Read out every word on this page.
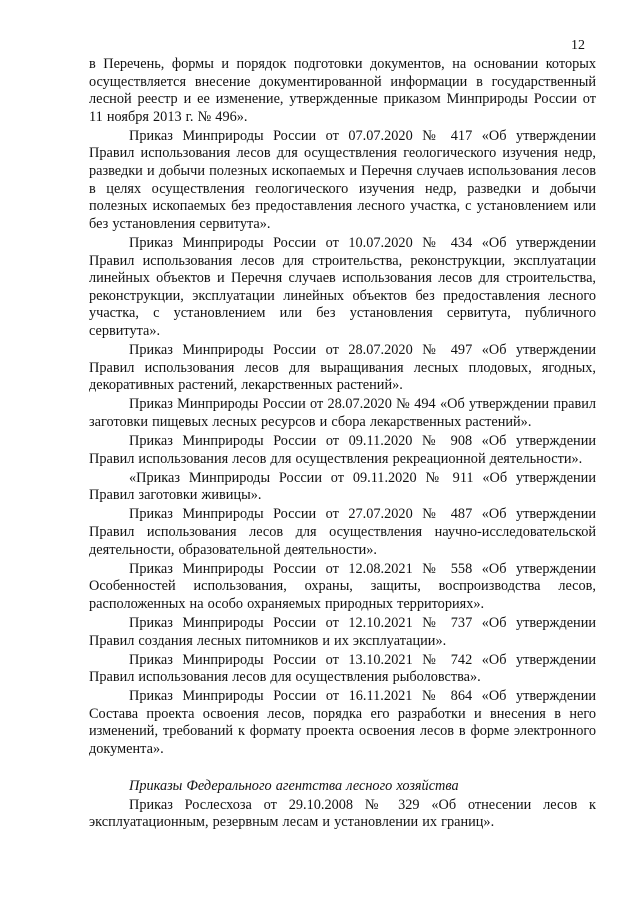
12

в Перечень, формы и порядок подготовки документов, на основании которых осуществляется внесение документированной информации в государственный лесной реестр и ее изменение, утвержденные приказом Минприроды России от 11 ноября 2013 г. № 496».

Приказ Минприроды России от 07.07.2020 № 417 «Об утверждении Правил использования лесов для осуществления геологического изучения недр, разведки и добычи полезных ископаемых и Перечня случаев использования лесов в целях осуществления геологического изучения недр, разведки и добычи полезных ископаемых без предоставления лесного участка, с установлением или без установления сервитута».

Приказ Минприроды России от 10.07.2020 № 434 «Об утверждении Правил использования лесов для строительства, реконструкции, эксплуатации линейных объектов и Перечня случаев использования лесов для строительства, реконструкции, эксплуатации линейных объектов без предоставления лесного участка, с установлением или без установления сервитута, публичного сервитута».

Приказ Минприроды России от 28.07.2020 № 497 «Об утверждении Правил использования лесов для выращивания лесных плодовых, ягодных, декоративных растений, лекарственных растений».

Приказ Минприроды России от 28.07.2020 № 494 «Об утверждении правил заготовки пищевых лесных ресурсов и сбора лекарственных растений».

Приказ Минприроды России от 09.11.2020 № 908 «Об утверждении Правил использования лесов для осуществления рекреационной деятельности».

«Приказ Минприроды России от 09.11.2020 № 911 «Об утверждении Правил заготовки живицы».

Приказ Минприроды России от 27.07.2020 № 487 «Об утверждении Правил использования лесов для осуществления научно-исследовательской деятельности, образовательной деятельности».

Приказ Минприроды России от 12.08.2021 № 558 «Об утверждении Особенностей использования, охраны, защиты, воспроизводства лесов, расположенных на особо охраняемых природных территориях».

Приказ Минприроды России от 12.10.2021 № 737 «Об утверждении Правил создания лесных питомников и их эксплуатации».

Приказ Минприроды России от 13.10.2021 № 742 «Об утверждении Правил использования лесов для осуществления рыболовства».

Приказ Минприроды России от 16.11.2021 № 864 «Об утверждении Состава проекта освоения лесов, порядка его разработки и внесения в него изменений, требований к формату проекта освоения лесов в форме электронного документа».

Приказы Федерального агентства лесного хозяйства

Приказ Рослесхоза от 29.10.2008 № 329 «Об отнесении лесов к эксплуатационным, резервным лесам и установлении их границ».
